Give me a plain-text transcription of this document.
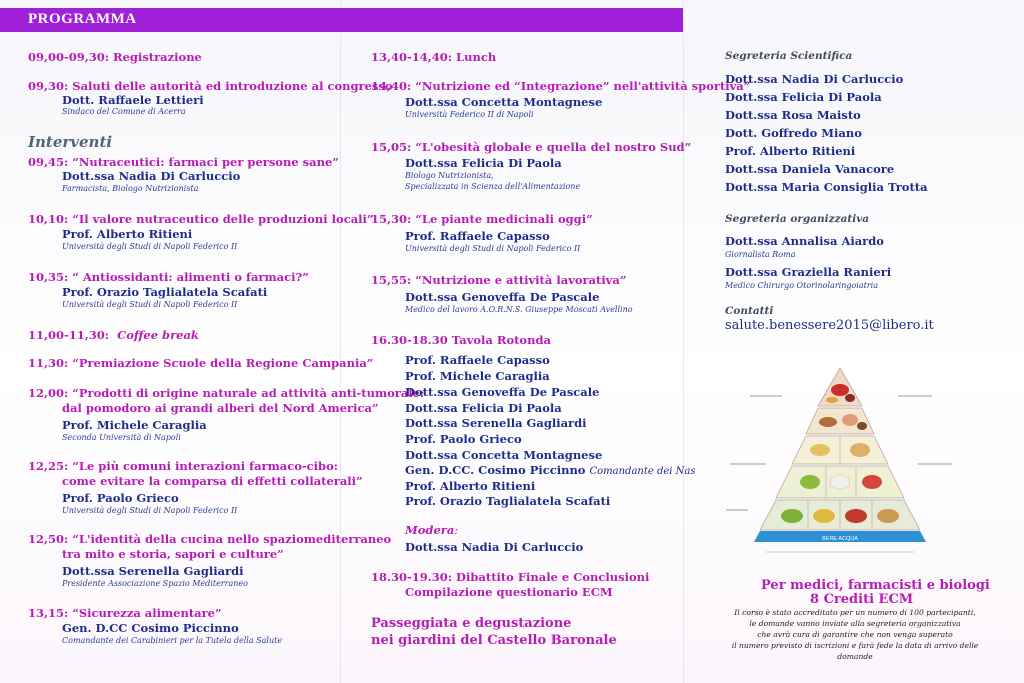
PROGRAMMA
09,00-09,30: Registrazione
09,30: Saluti delle autorità ed introduzione al congresso
Dott. Raffaele Lettieri
Sindaco del Comune di Acerra
Interventi
09,45: “Nutraceutici: farmaci per persone sane”
Dott.ssa Nadia Di Carluccio
Farmacista, Biologo Nutrizionista
10,10: “Il valore nutraceutico delle produzioni locali”
Prof. Alberto Ritieni
Università degli Studi di Napoli Federico II
10,35: “ Antiossidanti: alimenti o farmaci?”
Prof. Orazio Taglialatela Scafati
Università degli Studi di Napoli Federico II
11,00-11,30: Coffee break
11,30: “Premiazione Scuole della Regione Campania”
12,00: “Prodotti di origine naturale ad attività anti-tumorale:
dal pomodoro ai grandi alberi del Nord America”
Prof. Michele Caraglia
Seconda Università di Napoli
12,25: “Le più comuni interazioni farmaco-cibo:
come evitare la comparsa di effetti collaterali”
Prof. Paolo Grieco
Università degli Studi di Napoli Federico II
12,50: “L'identità della cucina nello spaziomediterraneo
tra mito e storia, sapori e culture”
Dott.ssa Serenella Gagliardi
Presidente Associazione Spazio Mediterraneo
13,15: “Sicurezza alimentare”
Gen. D.CC Cosimo Piccinno
Comandante dei Carabinieri per la Tutela della Salute
13,40-14,40: Lunch
14,40: “Nutrizione ed “Integrazione” nell'attività sportiva”
Dott.ssa Concetta Montagnese
Università Federico II di Napoli
15,05: “L'obesità globale e quella del nostro Sud”
Dott.ssa Felicia Di Paola
Biologo Nutrizionista,
Specializzata in Scienza dell'Alimentazione
15,30: “Le piante medicinali oggi”
Prof. Raffaele Capasso
Università degli Studi di Napoli Federico II
15,55: “Nutrizione e attività lavorativa”
Dott.ssa Genoveffa De Pascale
Medico del lavoro A.O.R.N.S. Giuseppe Moscati Avellino
16.30-18.30 Tavola Rotonda
Prof. Raffaele Capasso
Prof. Michele Caraglia
Dott.ssa Genoveffa De Pascale
Dott.ssa Felicia Di Paola
Dott.ssa Serenella Gagliardi
Prof. Paolo Grieco
Dott.ssa Concetta Montagnese
Gen. D.CC. Cosimo Piccinno Comandante dei Nas
Prof. Alberto Ritieni
Prof. Orazio Taglialatela Scafati
Modera:
Dott.ssa Nadia Di Carluccio
18.30-19.30: Dibattito Finale e Conclusioni
Compilazione questionario ECM
Passeggiata e degustazione
nei giardini del Castello Baronale
Segreteria Scientifica
Dott.ssa Nadia Di Carluccio
Dott.ssa Felicia Di Paola
Dott.ssa Rosa Maisto
Dott. Goffredo Miano
Prof. Alberto Ritieni
Dott.ssa Daniela Vanacore
Dott.ssa Maria Consiglia Trotta
Segreteria organizzativa
Dott.ssa Annalisa Aiardo
Giornalista Roma
Dott.ssa Graziella Ranieri
Medico Chirurgo Otorinolaringoiatria
Contatti
salute.benessere2015@libero.it
BERE ACQUA
Per medici, farmacisti e biologi
8 Crediti ECM
Il corso è stato accreditato per un numero di 100 partecipanti,
le domande vanno inviate alla segreteria organizzativa
che avrà cura di garantire che non venga superato
il numero previsto di iscrizioni e farà fede la data di arrivo delle domande
